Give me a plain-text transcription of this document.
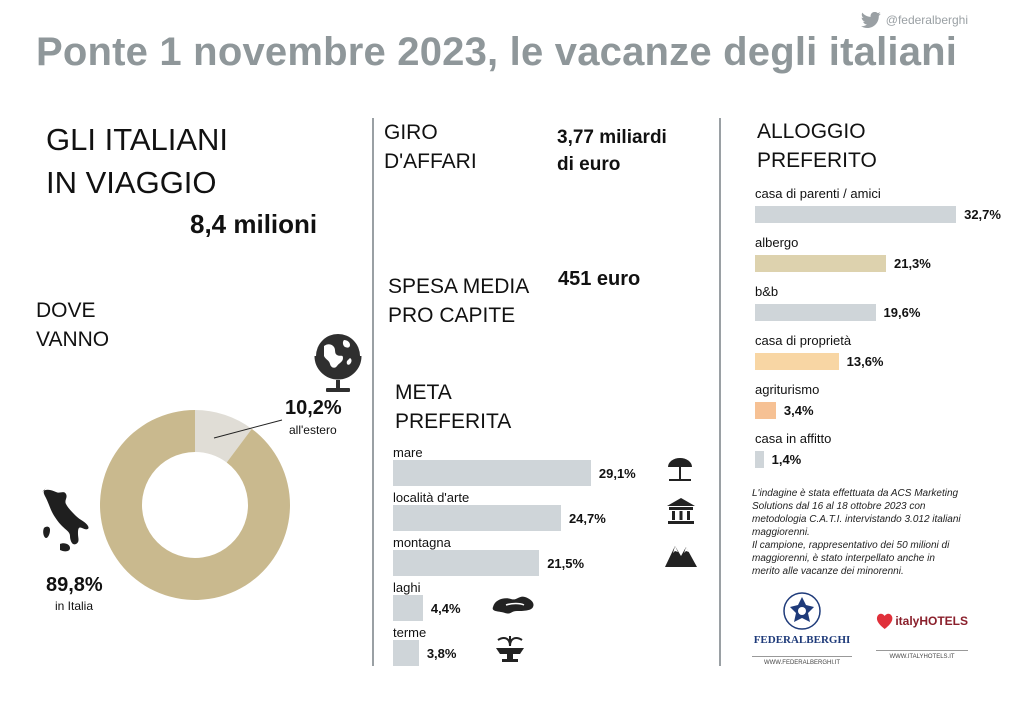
@federalberghi
Ponte 1 novembre 2023, le vacanze degli italiani
GLI ITALIANI
IN VIAGGIO
8,4 milioni
DOVE
VANNO
10,2%
all'estero
89,8%
in Italia
GIRO
D'AFFARI
3,77 miliardi
di euro
SPESA MEDIA
PRO CAPITE
451 euro
META
PREFERITA
mare
29,1%
località d'arte
24,7%
montagna
21,5%
laghi
4,4%
terme
3,8%
ALLOGGIO
PREFERITO
casa di parenti / amici
32,7%
albergo
21,3%
b&b
19,6%
casa di proprietà
13,6%
agriturismo
3,4%
casa in affitto
1,4%
L'indagine è stata effettuata da ACS Marketing
Solutions dal 16 al 18 ottobre 2023 con
metodologia C.A.T.I. intervistando 3.012 italiani
maggiorenni.
Il campione, rappresentativo dei 50 milioni di
maggiorenni, è stato interpellato anche in
merito alle vacanze dei minorenni.
FEDERALBERGHI
WWW.FEDERALBERGHI.IT
italyHOTELS
WWW.ITALYHOTELS.IT
